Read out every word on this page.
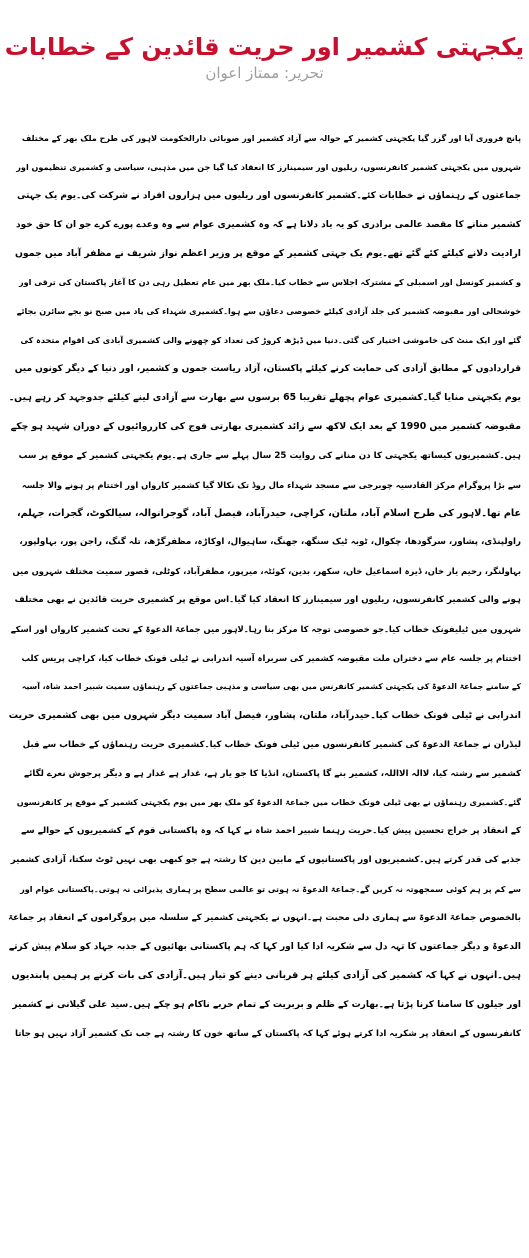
یکجہتی کشمیر اور حریت قائدین کے خطابات
تحریر: ممتاز اعوان
پانچ فروری آیا اور گزر گیا یکجہتی کشمیر کے حوالہ سے آزاد کشمیر اور صوبائی دارالحکومت لاہور کی طرح ملک بھر کے مختلف
شہروں میں یکجہتی کشمیر کانفرنسوں، ریلیوں اور سیمینارز کا انعقاد کیا گیا جن میں مذہبی، سیاسی و کشمیری تنظیموں اور
جماعتوں کے رہنماؤں نے خطابات کئے۔کشمیر کانفرنسوں اور ریلیوں میں ہزاروں افراد نے شرکت کی۔یوم یک جہتی
کشمیر منانے کا مقصد عالمی برادری کو یہ یاد دلانا ہے کہ وہ کشمیری عوام سے وہ وعدے پورے کرے جو ان کا حق خود
ارادیت دلانے کیلئے کئے گئے تھے۔یوم یک جہتی کشمیر کے موقع پر وزیر اعظم نواز شریف نے مظفر آباد میں جموں
و کشمیر کونسل اور اسمبلی کے مشترکہ اجلاس سے خطاب کیا۔ملک بھر میں عام تعطیل رہی دن کا آغاز پاکستان کی ترقی اور
خوشحالی اور مقبوضہ کشمیر کی جلد آزادی کیلئے خصوصی دعاؤں سے ہوا۔کشمیری شہداء کی یاد میں صبح نو بجے سائرن بجائے
گئے اور ایک منٹ کی خاموشی اختیار کی گئی۔دنیا میں ڈیڑھ کروڑ کی تعداد کو چھونے والی کشمیری آبادی کی اقوام متحدہ کی
قراردادوں کے مطابق آزادی کی حمایت کرنے کیلئے پاکستان، آزاد ریاست جموں و کشمیر، اور دنیا کے دیگر کونوں میں
یوم یکجہتی منایا گیا۔کشمیری عوام پچھلے تقریبا 65 برسوں سے بھارت سے آزادی لینے کیلئے جدوجہد کر رہے ہیں۔
مقبوضہ کشمیر میں 1990 کے بعد ایک لاکھ سے زائد کشمیری بھارتی فوج کی کارروائیوں کے دوران شہید ہو چکے
ہیں۔کشمیریوں کیساتھ یکجہتی کا دن منانے کی روایت 25 سال پہلے سے جاری ہے۔یوم یکجہتی کشمیر کے موقع پر سب
سے بڑا پروگرام مرکز القادسیہ چوبرجی سے مسجد شہداء مال روڈ تک نکالا گیا کشمیر کارواں اور اختتام پر ہونے والا جلسہ
عام تھا۔لاہور کی طرح اسلام آباد، ملتان، کراچی، حیدرآباد، فیصل آباد، گوجرانوالہ، سیالکوٹ، گجرات، جہلم،
راولپنڈی، پشاور، سرگودھا، چکوال، ٹوبہ ٹیک سنگھ، جھنگ، ساہیوال، اوکاڑہ، مظفرگڑھ، تلہ گنگ، راجن پور، بہاولپور،
بہاولنگر، رحیم یار خان، ڈیرہ اسماعیل خاں، سکھر، بدین، کوئٹہ، میرپور، مظفرآباد، کوٹلی، قصور سمیت مختلف شہروں میں
ہونے والی کشمیر کانفرنسوں، ریلیوں اور سیمینارز کا انعقاد کیا گیا۔اس موقع پر کشمیری حریت قائدین نے بھی مختلف
شہروں میں ٹیلیفونک خطاب کیا۔جو خصوصی توجہ کا مرکز بنا رہا۔لاہور میں جماعۃ الدعوۃ کے تحت کشمیر کارواں اور اسکے
اختتام پر جلسہ عام سے دختران ملت مقبوضہ کشمیر کی سربراہ آسیہ اندرابی نے ٹیلی فونک خطاب کیا، کراچی پریس کلب
کے سامنے جماعۃ الدعوۃ کی یکجہتی کشمیر کانفرنس میں بھی سیاسی و مذہبی جماعتوں کے رہنماؤں سمیت شبیر احمد شاہ، آسیہ
اندرابی نے ٹیلی فونک خطاب کیا۔حیدرآباد، ملتان، پشاور، فیصل آباد سمیت دیگر شہروں میں بھی کشمیری حریت
لیڈران نے جماعۃ الدعوۃ کی کشمیر کانفرنسوں میں ٹیلی فونک خطاب کیا۔کشمیری حریت رہنماؤں کے خطاب سے قبل
کشمیر سے رشتہ کیا، لاالہ الااللہ، کشمیر بنے گا پاکستان، انڈیا کا جو یار ہے، غدار ہے غدار ہے و دیگر پرجوش نعرے لگائے
گئے۔کشمیری رہنماؤں نے بھی ٹیلی فونک خطاب میں جماعۃ الدعوۃ کو ملک بھر میں یوم یکجہتی کشمیر کے موقع پر کانفرنسوں
کے انعقاد پر خراج تحسین پیش کیا۔حریت رہنما شبیر احمد شاہ نے کہا کہ وہ پاکستانی قوم کے کشمیریوں کے حوالے سے
جذبے کی قدر کرتے ہیں۔کشمیریوں اور پاکستانیوں کے مابین دین کا رشتہ ہے جو کبھی بھی نہیں ٹوٹ سکتا، آزادی کشمیر
سے کم پر ہم کوئی سمجھوتہ نہ کریں گے۔جماعۃ الدعوۃ نہ ہوتی تو عالمی سطح پر ہماری پذیرائی نہ ہوتی۔پاکستانی عوام اور
بالخصوص جماعۃ الدعوۃ سے ہماری دلی محبت ہے۔انہوں نے یکجہتی کشمیر کے سلسلہ میں پروگراموں کے انعقاد پر جماعۃ
الدعوۃ و دیگر جماعتوں کا تہہ دل سے شکریہ ادا کیا اور کہا کہ ہم پاکستانی بھائیوں کے جذبہ جہاد کو سلام پیش کرتے
ہیں۔انہوں نے کہا کہ کشمیر کی آزادی کیلئے ہر قربانی دینے کو تیار ہیں۔آزادی کی بات کرنے پر ہمیں پابندیوں
اور جیلوں کا سامنا کرنا پڑتا ہے۔بھارت کے ظلم و بربریت کے تمام حربے ناکام ہو چکے ہیں۔سید علی گیلانی نے کشمیر
کانفرنسوں کے انعقاد پر شکریہ ادا کرتے ہوئے کہا کہ پاکستان کے ساتھ خون کا رشتہ ہے جب تک کشمیر آزاد نہیں ہو جاتا
